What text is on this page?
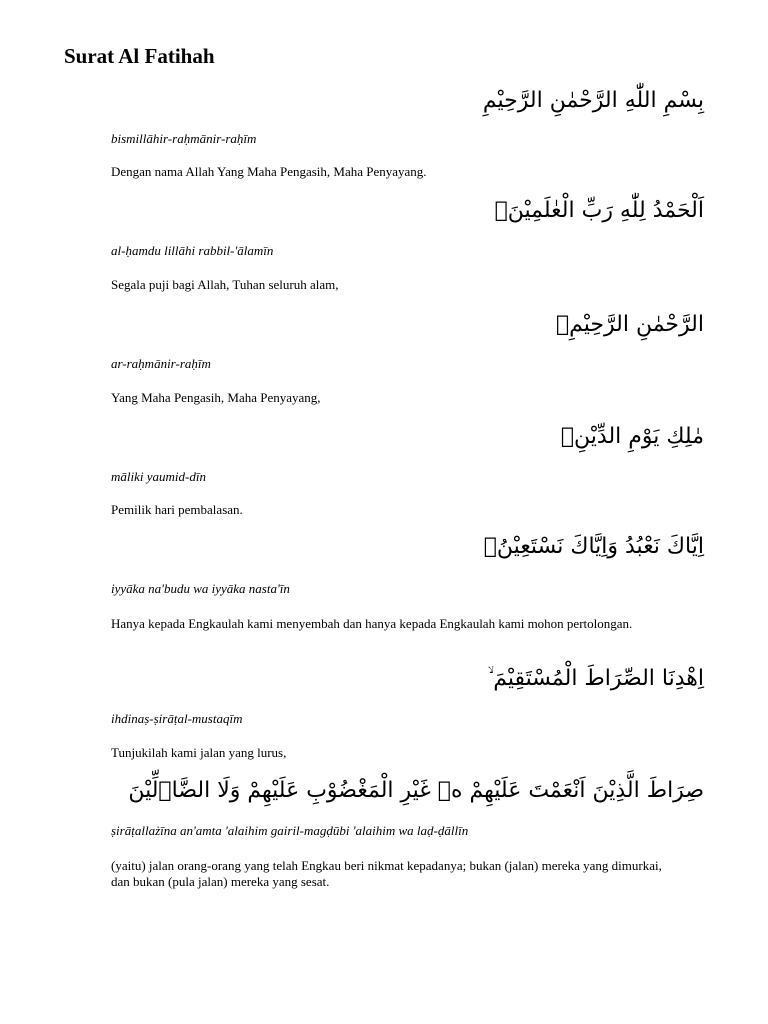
Surat Al Fatihah
بِسْمِ اللّٰهِ الرَّحْمٰنِ الرَّحِيْمِ
bismillāhir-raḥmānir-raḥīm
Dengan nama Allah Yang Maha Pengasih, Maha Penyayang.
اَلْحَمْدُ لِلّٰهِ رَبِّ الْعٰلَمِيْنَۙ
al-ḥamdu lillāhi rabbil-'ālamīn
Segala puji bagi Allah, Tuhan seluruh alam,
الرَّحْمٰنِ الرَّحِيْمِۙ
ar-raḥmānir-raḥīm
Yang Maha Pengasih, Maha Penyayang,
مٰلِكِ يَوْمِ الدِّيْنِۗ
māliki yaumid-dīn
Pemilik hari pembalasan.
اِيَّاكَ نَعْبُدُ وَاِيَّاكَ نَسْتَعِيْنُۗ
iyyāka na'budu wa iyyāka nasta'īn
Hanya kepada Engkaulah kami menyembah dan hanya kepada Engkaulah kami mohon pertolongan.
اِهْدِنَا الصِّرَاطَ الْمُسْتَقِيْمَ ۙ
ihdinaṣ-ṣirāṭal-mustaqīm
Tunjukilah kami jalan yang lurus,
صِرَاطَ الَّذِيْنَ اَنْعَمْتَ عَلَيْهِمْ ەۙ غَيْرِ الْمَغْضُوْبِ عَلَيْهِمْ وَلَا الضَّاۤلِّيْنَ
ṣirāṭallażīna an'amta 'alaihim gairil-magḍūbi 'alaihim wa laḍ-ḍāllīn
(yaitu) jalan orang-orang yang telah Engkau beri nikmat kepadanya; bukan (jalan) mereka yang dimurkai, dan bukan (pula jalan) mereka yang sesat.
